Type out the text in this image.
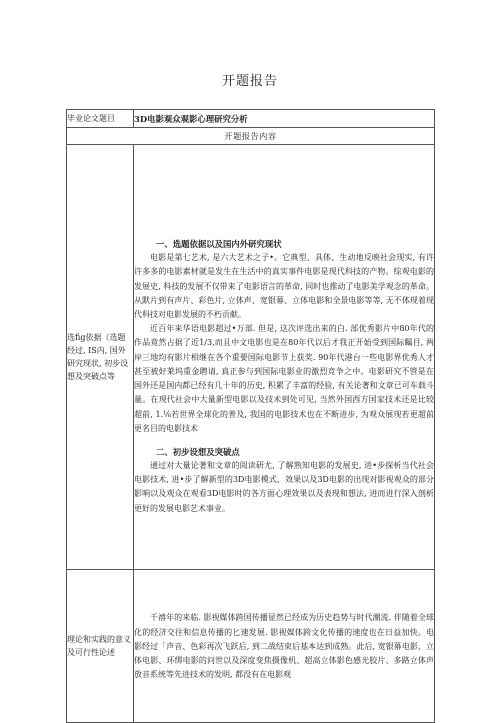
开题报告
毕业论文题目	3D电影观众观影心理研究分析
开题报告内容	
选fig依据（选题经过, IS内, 国外研究现状, 初步设想及突破点等	一、选题依据以及国内外研究现状

电影是第七艺术, 是六大艺术之子•。它典型、具体、生动地反映社会现实, 有许许多多的电影素材就是发生在生活中的真实事件电影是现代科技的产物。综观电影的发展史, 科技的发展不仅带来了电影语言的革命, 同时也推动了电影美学观念的革命。从默片到有声片、彩色片, 立体声、宽银幕、立体电影和全景电影等等, 无不体现着现代科技对电影发展的不朽贡献。

近百年来华语电影超过•万部. 但是, 这次评选出来的白. 部优秀影片中80年代的作品竟然占据了近1/3,而且中文电影也是在80年代以后才我正开始受到国际瞩目, 两岸三地均有影片相继在各个重要国际电影节上获奖. 90年代港台一些电影界优秀人才甚至被好莱坞重金聘请, 真正参与到国际电影业的激烈竞争之中。电影研究不管是在国外还是国内都已经有几十年的历史, 积累了丰富的经验, 有关论著和文章已可车载斗量。在现代社会中大量新型电影以及技术到处可见, 当然外国西方国家技术还是比较超前, 1.⅛若世界全球化的普及, 我国的电影技术也在不断进步, 为观众展现若更超前更名目的电影技术

二、初步设想及突破点

通过对大量论著和文章的阅读研尤, 了解熟知电影的发展史, 进•步探析当代社会电影技术, 进•步了解新型的3D电影模式、效果以及3D电影的出现对影视观众的部分影响以及观众在观看3D电影时的各方面心理效果以及表现和想法, 进而进行深入剖析更好的发展电影艺术事业。

理论和实践的意义及可行性论述	千禧年的来临. 影视媒体跨国传播显然已经成为历史趋势与时代潮流. 伴随着全球化的经济交往和信息传播的匕速发展. 影视媒体跨文化传播的速度也在日益加快。电影经过「声音、色彩再次飞跃后, 到二战结束后基本达到成熟。此后, 宽银幕电影、立体电影、环绑电影的问世以及深度变焦摄像机、超高立体影色感光胶片、多路立体声放音系统等先进技术的发明, 都没有在电影观
